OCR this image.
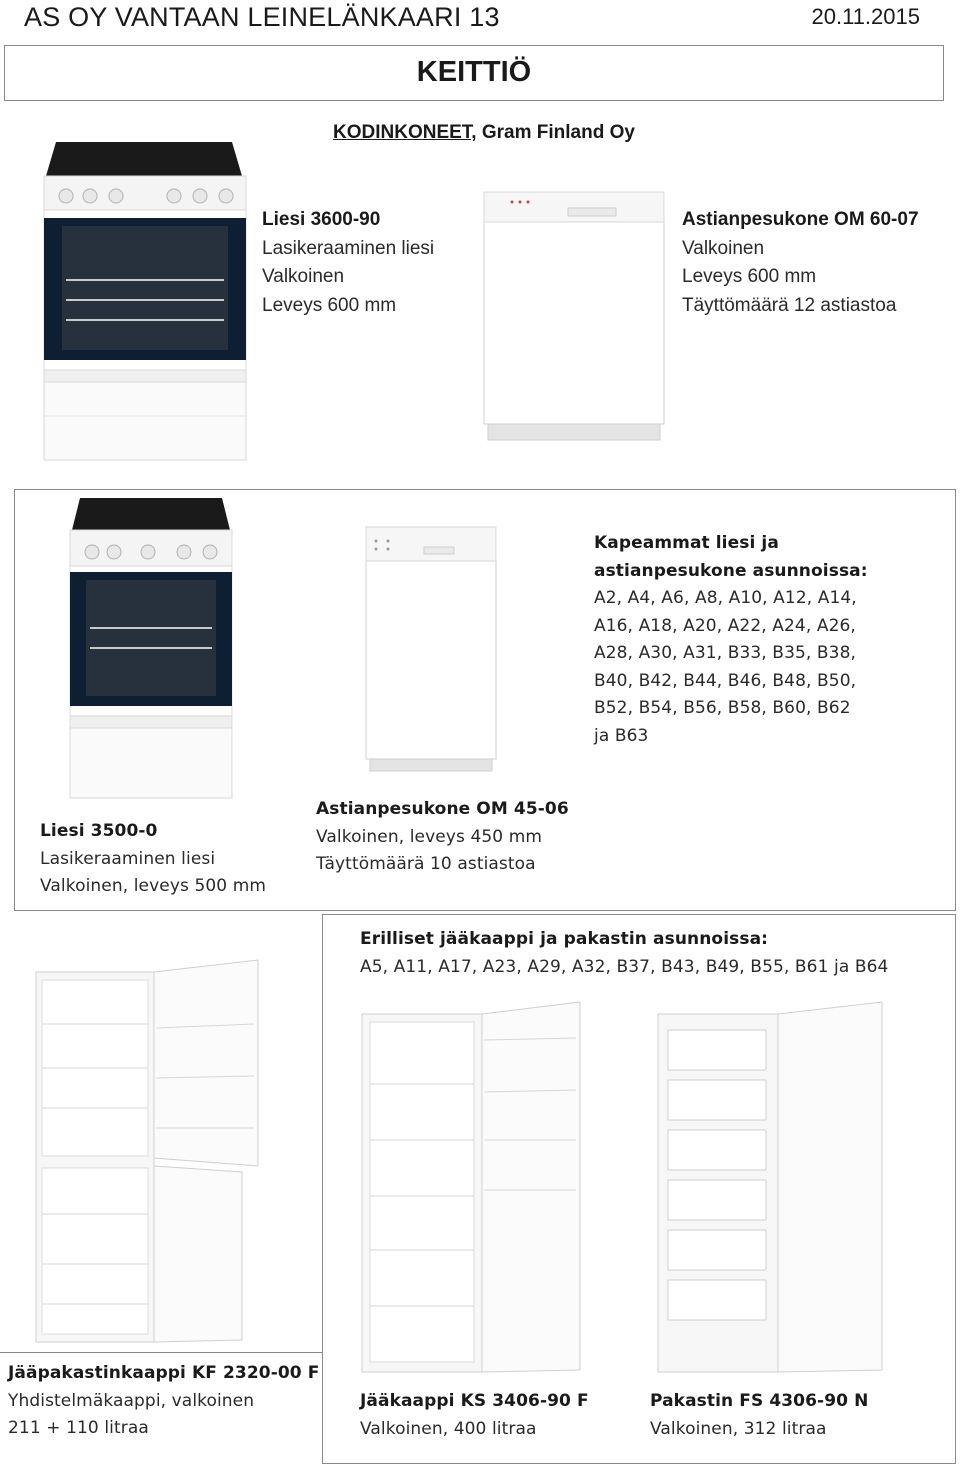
AS OY VANTAAN LEINELÄNKAARI 13	20.11.2015
KEITTIÖ
KODINKONEET, Gram Finland Oy
Liesi 3600-90
Lasikeraaminen liesi
Valkoinen
Leveys 600 mm
Astianpesukone OM 60-07
Valkoinen
Leveys 600 mm
Täyttömäärä 12 astiastoa
Kapeammat liesi ja
astianpesukone asunnoissa:
A2, A4, A6, A8, A10, A12, A14,
A16, A18, A20, A22, A24, A26,
A28, A30, A31, B33, B35, B38,
B40, B42, B44, B46, B48, B50,
B52, B54, B56, B58, B60, B62
ja B63
Liesi 3500-0
Lasikeraaminen liesi
Valkoinen, leveys 500 mm
Astianpesukone OM 45-06
Valkoinen, leveys 450 mm
Täyttömäärä 10 astiastoa
Erilliset jääkaappi ja pakastin asunnoissa:
A5, A11, A17, A23, A29, A32, B37, B43, B49, B55, B61 ja B64
Jääpakastinkaappi KF 2320-00 F
Yhdistelmäkaappi, valkoinen
211 + 110 litraa
Jääkaappi KS 3406-90 F
Valkoinen, 400 litraa
Pakastin FS 4306-90 N
Valkoinen, 312 litraa
